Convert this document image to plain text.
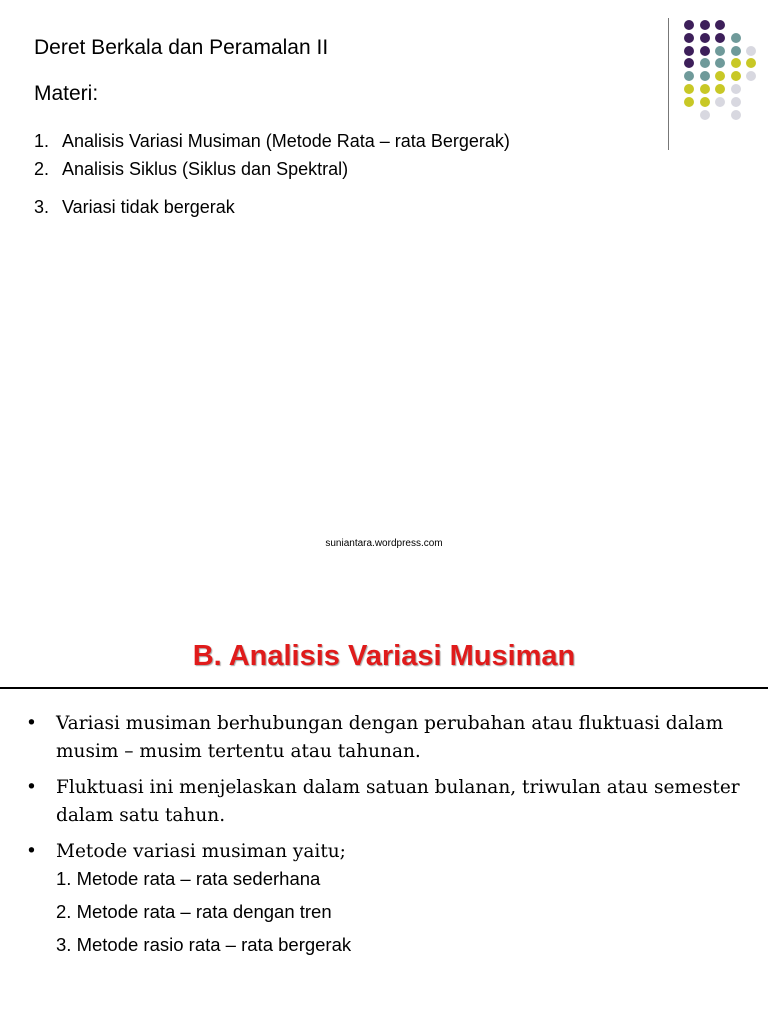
Deret Berkala dan Peramalan II
Materi:
1. Analisis Variasi Musiman (Metode Rata – rata Bergerak)
2. Analisis Siklus (Siklus dan Spektral)
3. Variasi tidak bergerak
suniantara.wordpress.com
B. Analisis Variasi Musiman
• Variasi musiman berhubungan dengan perubahan atau fluktuasi dalam musim – musim tertentu atau tahunan.
• Fluktuasi ini menjelaskan dalam satuan bulanan, triwulan atau semester dalam satu tahun.
• Metode variasi musiman yaitu;
1. Metode rata – rata sederhana
2. Metode rata – rata dengan tren
3. Metode rasio rata – rata bergerak
